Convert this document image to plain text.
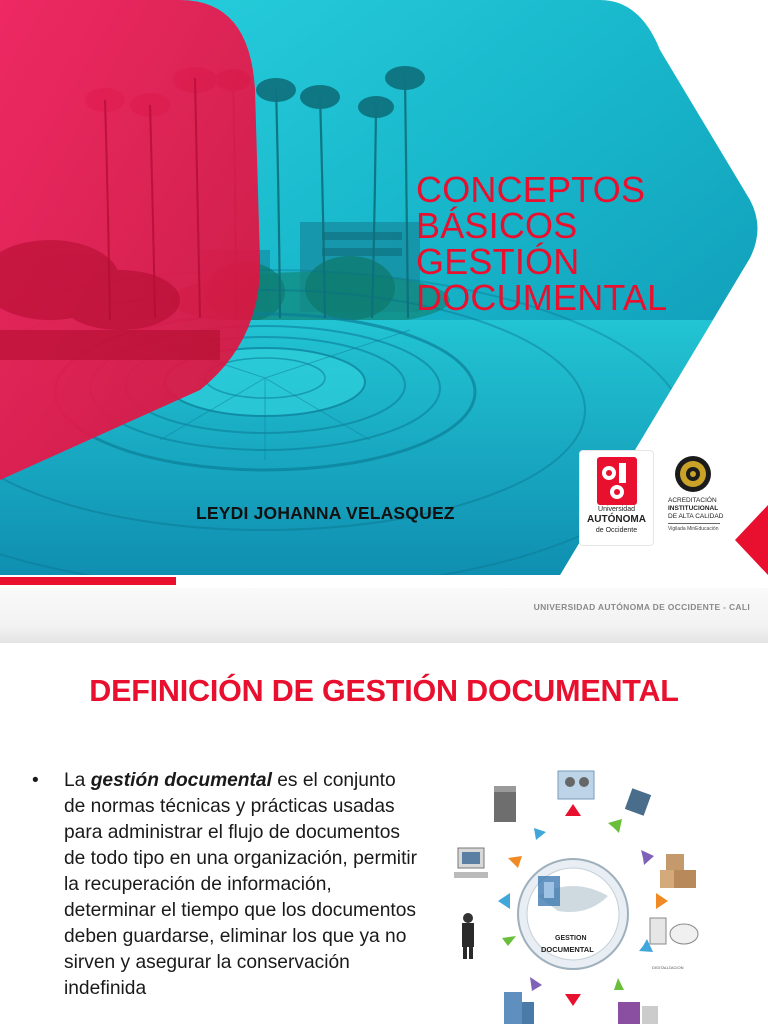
CONCEPTOS
BÁSICOS
GESTIÓN
DOCUMENTAL
LEYDI JOHANNA VELASQUEZ	Universidad
AUTÓNOMA
de Occidente
ACREDITACIÓN
INSTITUCIONAL
DE ALTA CALIDAD
Vigilada MinEducación
UNIVERSIDAD AUTÓNOMA DE OCCIDENTE - CALI
DEFINICIÓN DE GESTIÓN DOCUMENTAL
• La gestión documental es el conjunto de normas técnicas y prácticas usadas para administrar el flujo de documentos de todo tipo en una organización, permitir la recuperación de información, determinar el tiempo que los documentos deben guardarse, eliminar los que ya no sirven y asegurar la conservación indefinida
GESTION
DOCUMENTAL
DIGITALIZACION
